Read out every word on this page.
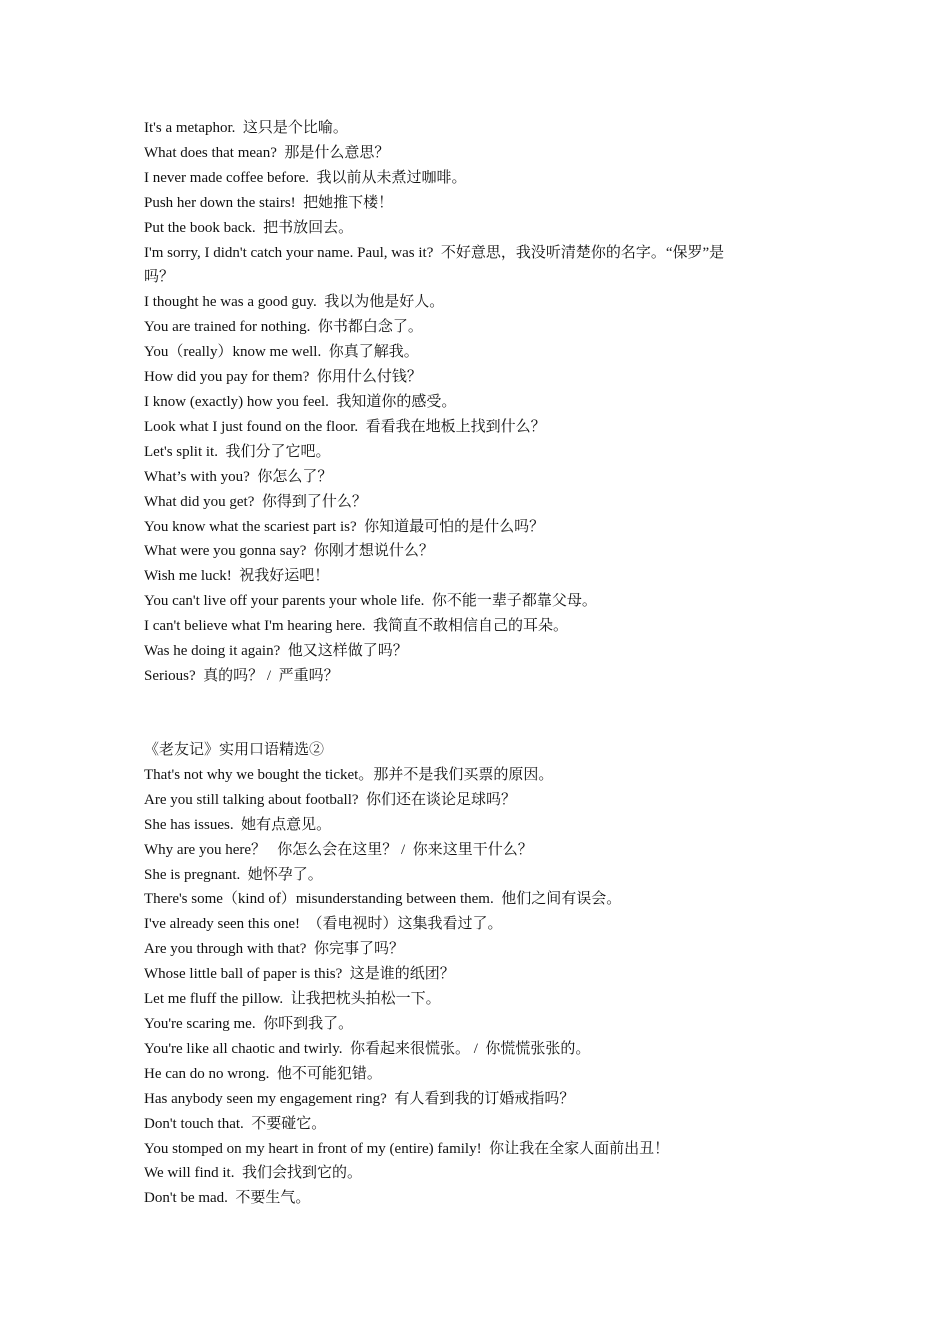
It's a metaphor.  这只是个比喻。

What does that mean?  那是什么意思？

I never made coffee before.  我以前从未煮过咖啡。

Push her down the stairs!  把她推下楼！

Put the book back.  把书放回去。

I'm sorry, I didn't catch your name. Paul, was it?  不好意思，我没听清楚你的名字。“保罗”是

吗？

I thought he was a good guy.  我以为他是好人。

You are trained for nothing.  你书都白念了。

You（really）know me well.  你真了解我。

How did you pay for them?  你用什么付钱？

I know (exactly) how you feel.  我知道你的感受。

Look what I just found on the floor.  看看我在地板上找到什么？

Let's split it.  我们分了它吧。

What’s with you?  你怎么了？

What did you get?  你得到了什么？

You know what the scariest part is?  你知道最可怕的是什么吗？

What were you gonna say?  你刚才想说什么？

Wish me luck!  祝我好运吧！

You can't live off your parents your whole life.  你不能一辈子都靠父母。

I can't believe what I'm hearing here.  我简直不敢相信自己的耳朵。

Was he doing it again?  他又这样做了吗？

Serious?  真的吗？ /  严重吗？

《老友记》实用口语精选②

That's not why we bought the ticket。那并不是我们买票的原因。

Are you still talking about football?  你们还在谈论足球吗？

She has issues.  她有点意见。

Why are you here？   你怎么会在这里？ /  你来这里干什么？

She is pregnant.  她怀孕了。

There's some（kind of）misunderstanding between them.  他们之间有误会。

I've already seen this one!  （看电视时）这集我看过了。

Are you through with that?  你完事了吗？

Whose little ball of paper is this?  这是谁的纸团？

Let me fluff the pillow.  让我把枕头拍松一下。

You're scaring me.  你吓到我了。

You're like all chaotic and twirly.  你看起来很慌张。 /  你慌慌张张的。

He can do no wrong.  他不可能犯错。

Has anybody seen my engagement ring?  有人看到我的订婚戒指吗？

Don't touch that.  不要碰它。

You stomped on my heart in front of my (entire) family!  你让我在全家人面前出丑！

We will find it.  我们会找到它的。

Don't be mad.  不要生气。
